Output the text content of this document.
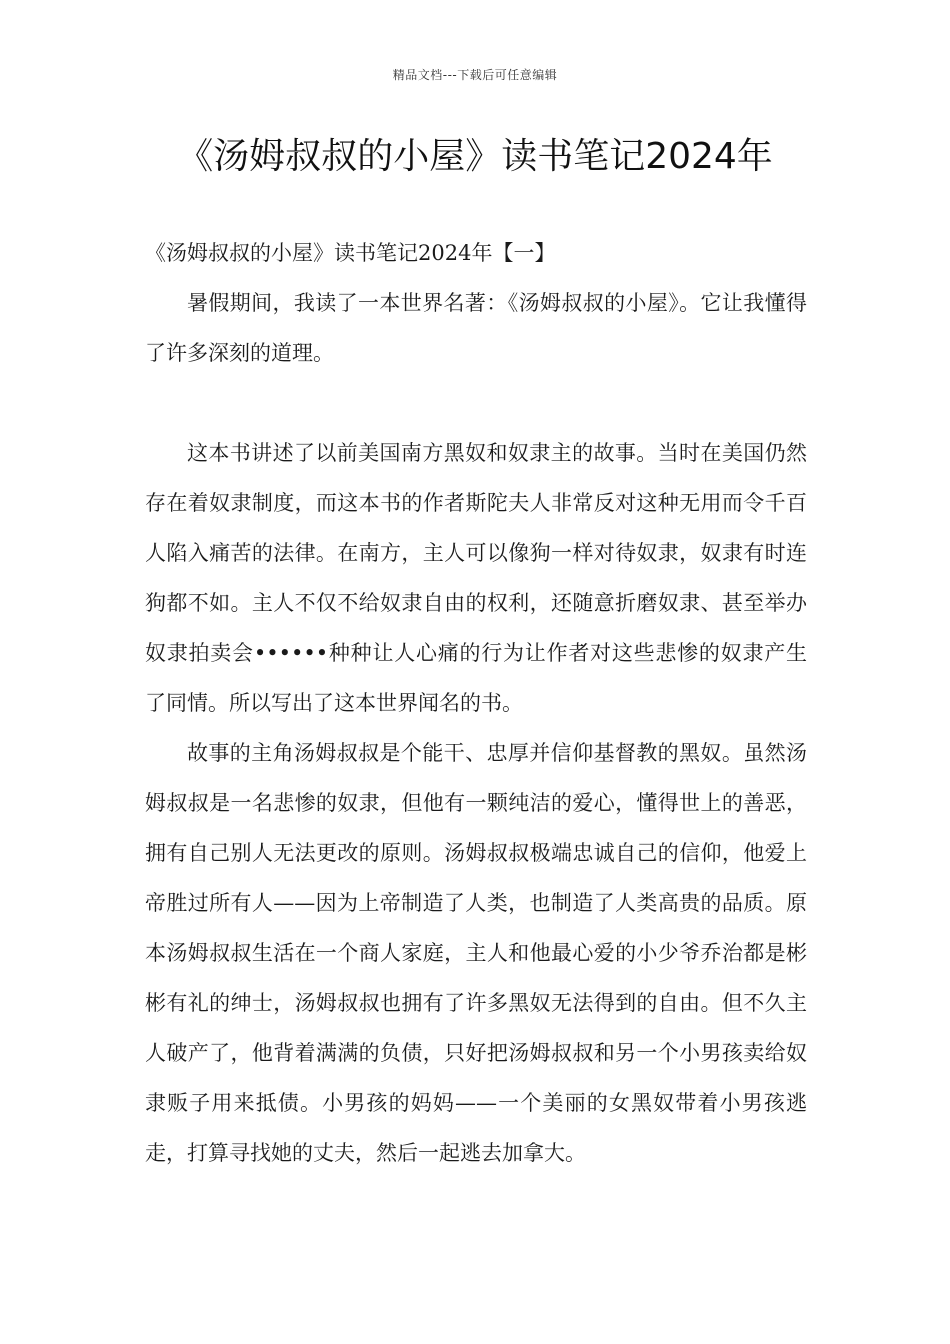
精品文档---下载后可任意编辑
《汤姆叔叔的小屋》读书笔记2024年

《汤姆叔叔的小屋》读书笔记2024年【一】

暑假期间，我读了一本世界名著：《汤姆叔叔的小屋》。它让我懂得了许多深刻的道理。

这本书讲述了以前美国南方黑奴和奴隶主的故事。当时在美国仍然存在着奴隶制度，而这本书的作者斯陀夫人非常反对这种无用而令千百人陷入痛苦的法律。在南方，主人可以像狗一样对待奴隶，奴隶有时连狗都不如。主人不仅不给奴隶自由的权利，还随意折磨奴隶、甚至举办奴隶拍卖会••••••种种让人心痛的行为让作者对这些悲惨的奴隶产生了同情。所以写出了这本世界闻名的书。

故事的主角汤姆叔叔是个能干、忠厚并信仰基督教的黑奴。虽然汤姆叔叔是一名悲惨的奴隶，但他有一颗纯洁的爱心，懂得世上的善恶，拥有自己别人无法更改的原则。汤姆叔叔极端忠诚自己的信仰，他爱上帝胜过所有人——因为上帝制造了人类，也制造了人类高贵的品质。原本汤姆叔叔生活在一个商人家庭，主人和他最心爱的小少爷乔治都是彬彬有礼的绅士，汤姆叔叔也拥有了许多黑奴无法得到的自由。但不久主人破产了，他背着满满的负债，只好把汤姆叔叔和另一个小男孩卖给奴隶贩子用来抵债。小男孩的妈妈——一个美丽的女黑奴带着小男孩逃走，打算寻找她的丈夫，然后一起逃去加拿大。
